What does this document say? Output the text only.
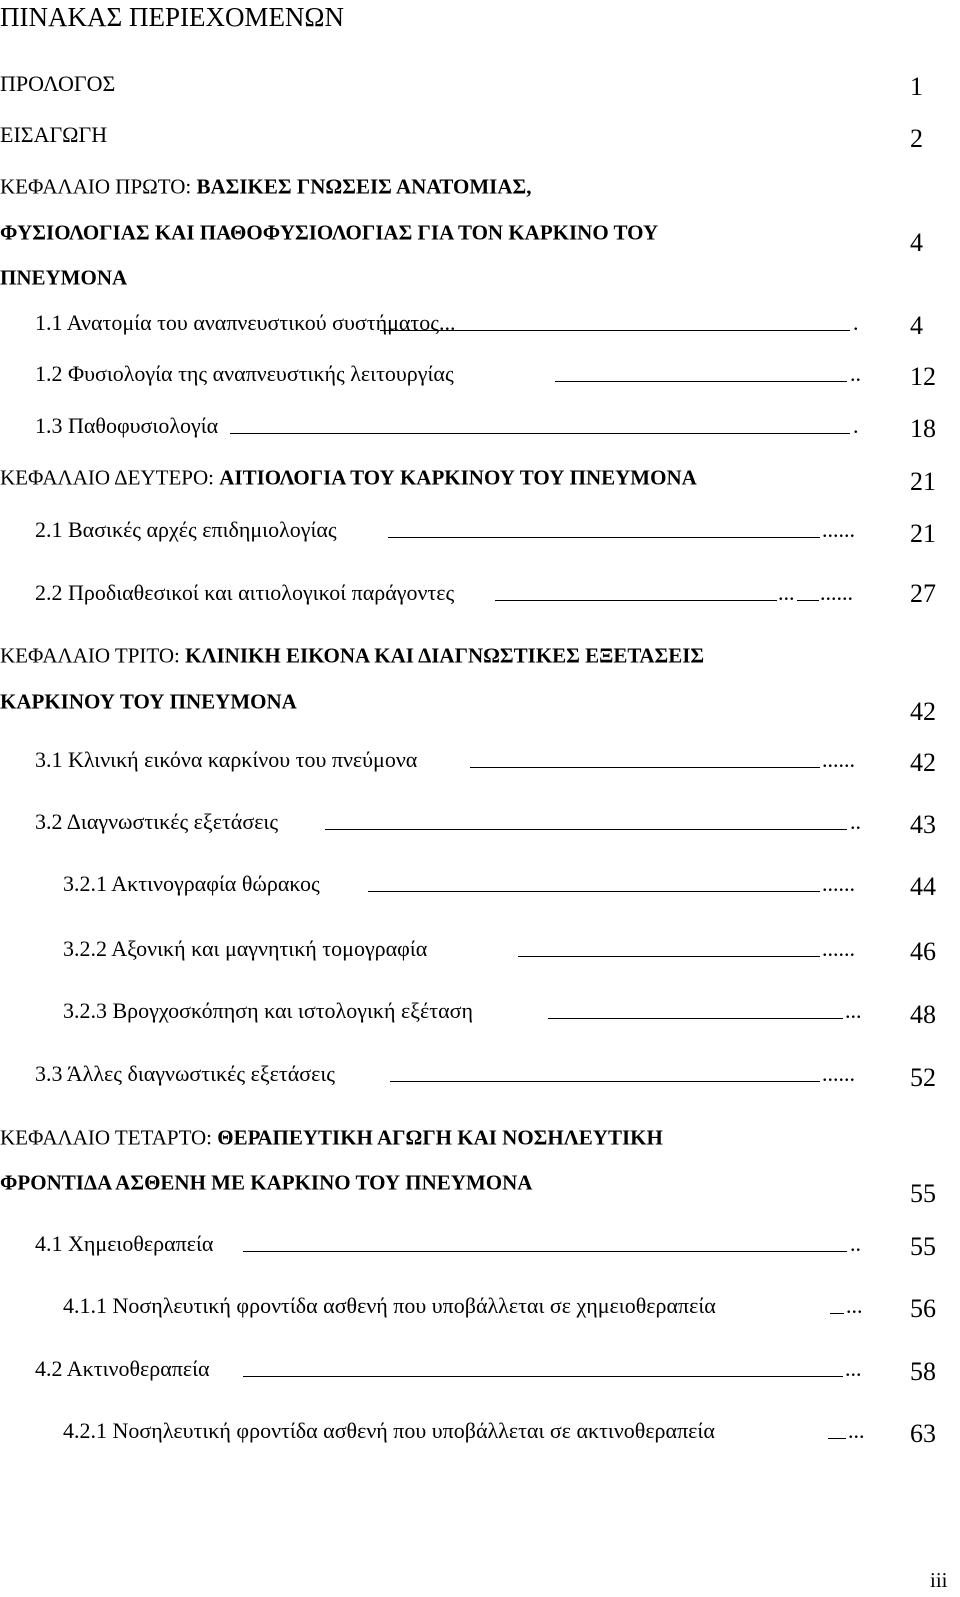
ΠΙΝΑΚΑΣ ΠΕΡΙΕΧΟΜΕΝΩΝ
ΠΡΟΛΟΓΟΣ	1
ΕΙΣΑΓΩΓΗ	2
ΚΕΦΑΛΑΙΟ ΠΡΩΤΟ: ΒΑΣΙΚΕΣ ΓΝΩΣΕΙΣ ΑΝΑΤΟΜΙΑΣ,
ΦΥΣΙΟΛΟΓΙΑΣ ΚΑΙ ΠΑΘΟΦΥΣΙΟΛΟΓΙΑΣ ΓΙΑ ΤΟΝ ΚΑΡΚΙΝΟ ΤΟΥ	4
ΠΝΕΥΜΟΝΑ
1.1 Ανατομία του αναπνευστικού συστήματος...	. 4
1.2 Φυσιολογία της αναπνευστικής λειτουργίας	.. 12
1.3 Παθοφυσιολογία	. 18
ΚΕΦΑΛΑΙΟ ΔΕΥΤΕΡΟ: ΑΙΤΙΟΛΟΓΙΑ ΤΟΥ ΚΑΡΚΙΝΟΥ ΤΟΥ ΠΝΕΥΜΟΝΑ	21
2.1 Βασικές αρχές επιδημιολογίας	...... 21
2.2 Προδιαθεσικοί και αιτιολογικοί παράγοντες	... ...... 27
ΚΕΦΑΛΑΙΟ ΤΡΙΤΟ: ΚΛΙΝΙΚΗ ΕΙΚΟΝΑ ΚΑΙ ΔΙΑΓΝΩΣΤΙΚΕΣ ΕΞΕΤΑΣΕΙΣ
ΚΑΡΚΙΝΟΥ ΤΟΥ ΠΝΕΥΜΟΝΑ	42
3.1 Κλινική εικόνα καρκίνου του πνεύμονα	...... 42
3.2 Διαγνωστικές εξετάσεις	.. 43
3.2.1 Ακτινογραφία θώρακος	...... 44
3.2.2 Αξονική και μαγνητική τομογραφία	...... 46
3.2.3 Βρογχοσκόπηση και ιστολογική εξέταση	... 48
3.3 Άλλες διαγνωστικές εξετάσεις	...... 52
ΚΕΦΑΛΑΙΟ ΤΕΤΑΡΤΟ: ΘΕΡΑΠΕΥΤΙΚΗ ΑΓΩΓΗ ΚΑΙ ΝΟΣΗΛΕΥΤΙΚΗ
ΦΡΟΝΤΙΔΑ ΑΣΘΕΝΗ ΜΕ ΚΑΡΚΙΝΟ ΤΟΥ ΠΝΕΥΜΟΝΑ	55
4.1 Χημειοθεραπεία	.. 55
4.1.1 Νοσηλευτική φροντίδα ασθενή που υποβάλλεται σε χημειοθεραπεία	... 56
4.2 Ακτινοθεραπεία	... 58
4.2.1 Νοσηλευτική φροντίδα ασθενή που υποβάλλεται σε ακτινοθεραπεία	... 63
iii
